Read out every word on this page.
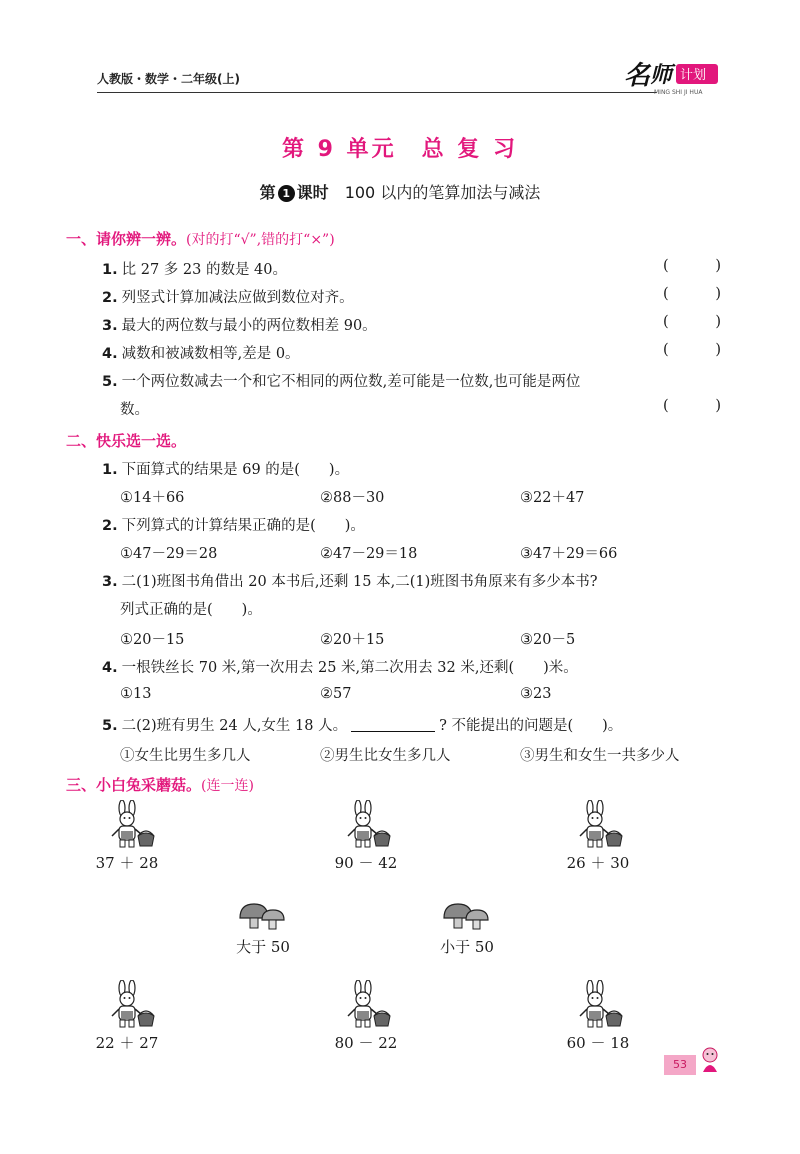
人教版・数学・二年级(上)	名 师 计划
MING SHI JI HUA
第 9 单元　总 复 习
第 1 课时 100 以内的笔算加法与减法
一、请你辨一辨。(对的打“√”,错的打“×”)
1. 比 27 多 23 的数是 40。	(	)
2. 列竖式计算加减法应做到数位对齐。	(	)
3. 最大的两位数与最小的两位数相差 90。	(	)
4. 减数和被减数相等,差是 0。	(	)
5. 一个两位数减去一个和它不相同的两位数,差可能是一位数,也可能是两位
数。	(	)
二、快乐选一选。
1. 下面算式的结果是 69 的是(　　)。
①14＋66	②88－30	③22＋47
2. 下列算式的计算结果正确的是(　　)。
①47－29＝28	②47－29＝18	③47＋29＝66
3. 二(1)班图书角借出 20 本书后,还剩 15 本,二(1)班图书角原来有多少本书?
列式正确的是(　　)。
①20－15	②20＋15	③20－5
4. 一根铁丝长 70 米,第一次用去 25 米,第二次用去 32 米,还剩(　　)米。
①13	②57	③23
5. 二(2)班有男生 24 人,女生 18 人。	? 不能提出的问题是(　　)。
①女生比男生多几人	②男生比女生多几人	③男生和女生一共多少人
三、小白兔采蘑菇。(连一连)
37 ＋ 28	90 － 42	26 ＋ 30
大于 50	小于 50
22 ＋ 27	80 － 22	60 － 18
53
